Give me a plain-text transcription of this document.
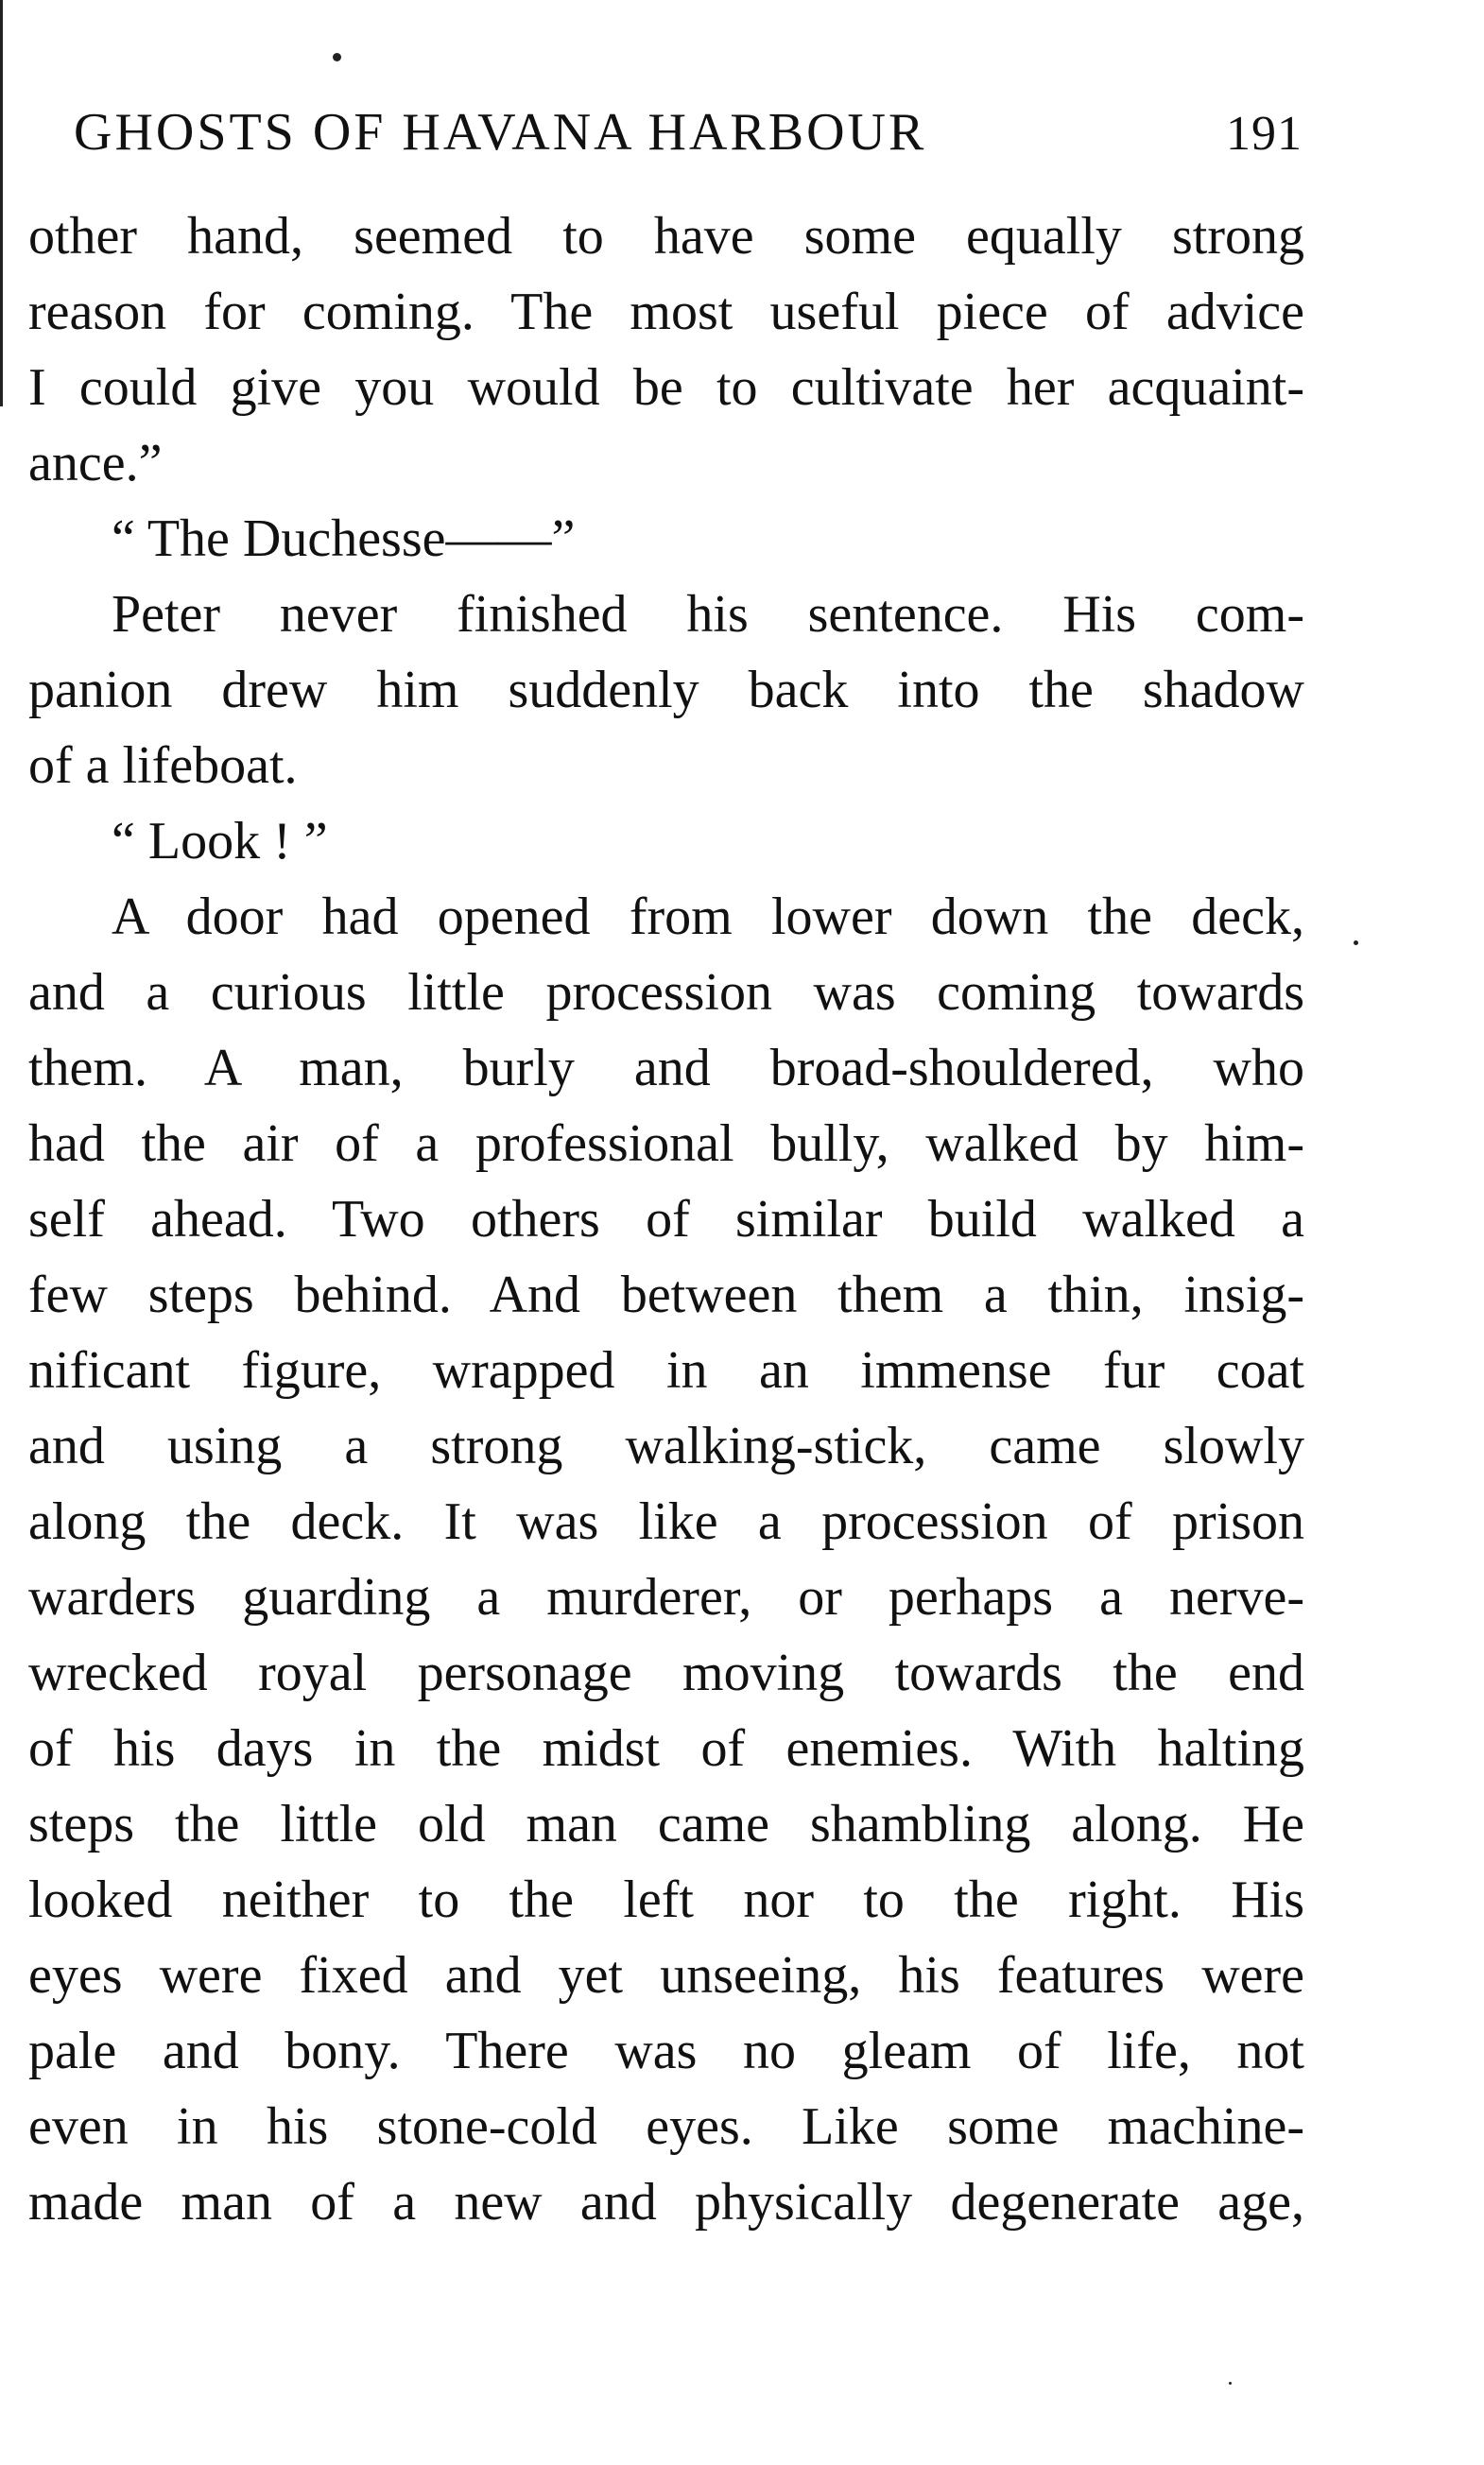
GHOSTS OF HAVANA HARBOUR	191
other hand, seemed to have some equally strong
reason for coming. The most useful piece of advice
I could give you would be to cultivate her acquaint-
ance.”
“ The Duchesse——”
Peter never finished his sentence. His com-
panion drew him suddenly back into the shadow
of a lifeboat.
“ Look ! ”
A door had opened from lower down the deck,
and a curious little procession was coming towards
them. A man, burly and broad-shouldered, who
had the air of a professional bully, walked by him-
self ahead. Two others of similar build walked a
few steps behind. And between them a thin, insig-
nificant figure, wrapped in an immense fur coat
and using a strong walking-stick, came slowly
along the deck. It was like a procession of prison
warders guarding a murderer, or perhaps a nerve-
wrecked royal personage moving towards the end
of his days in the midst of enemies. With halting
steps the little old man came shambling along. He
looked neither to the left nor to the right. His
eyes were fixed and yet unseeing, his features were
pale and bony. There was no gleam of life, not
even in his stone-cold eyes. Like some machine-
made man of a new and physically degenerate age,
